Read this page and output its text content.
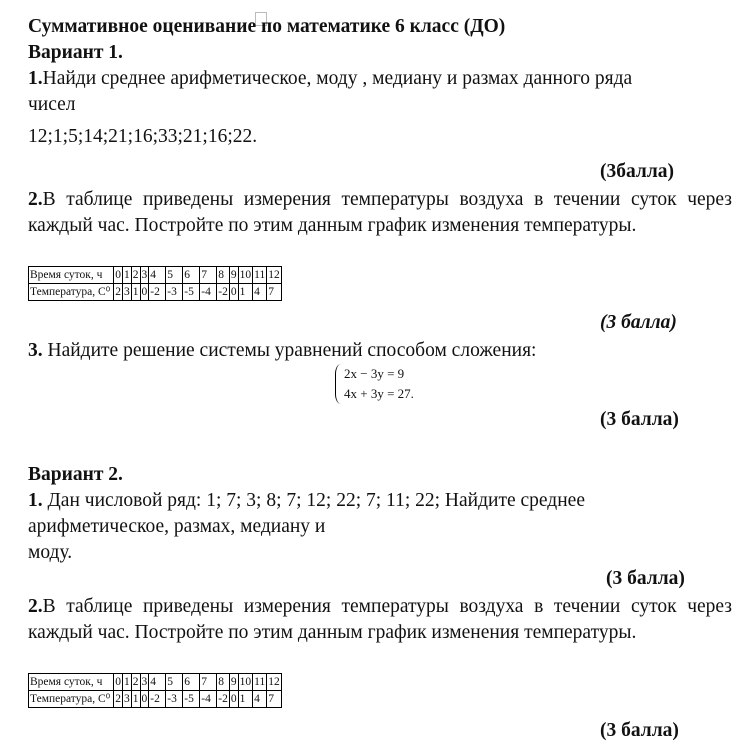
Суммативное оценивание по математике 6 класс (ДО)
Вариант 1.
1.Найди среднее арифметическое, моду , медиану и размах данного ряда
чисел
12;1;5;14;21;16;33;21;16;22.
(3балла)
2.В таблице приведены измерения температуры воздуха в течении суток через каждый час. Постройте по этим данным график изменения температуры.
Время суток, ч	0	1	2	3	4	5	6	7	8	9	10	11	12
Температура, С⁰	2	3	1	0	-2	-3	-5	-4	-2	0	1	4	7
(3 балла)
3. Найдите решение системы уравнений способом сложения:
2x − 3y = 9
4x + 3y = 27.
(3 балла)
Вариант 2.
1. Дан числовой ряд: 1; 7; 3; 8; 7; 12; 22; 7; 11; 22; Найдите среднее
арифметическое, размах, медиану и
моду.
(3 балла)
2.В таблице приведены измерения температуры воздуха в течении суток через каждый час. Постройте по этим данным график изменения температуры.
Время суток, ч	0	1	2	3	4	5	6	7	8	9	10	11	12
Температура, С⁰	2	3	1	0	-2	-3	-5	-4	-2	0	1	4	7
(3 балла)
